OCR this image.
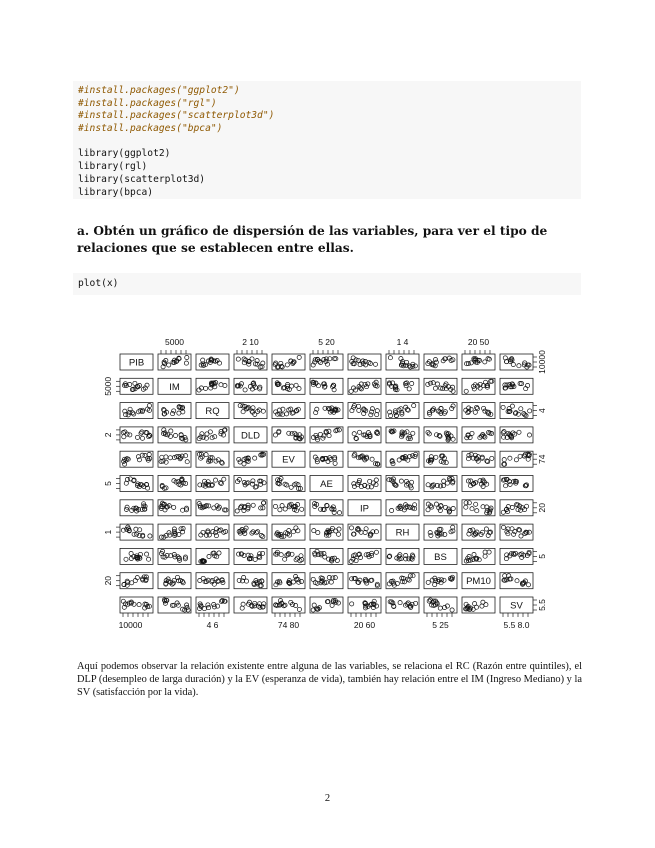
#install.packages("ggplot2")
#install.packages("rgl")
#install.packages("scatterplot3d")
#install.packages("bpca")

library(ggplot2)
library(rgl)
library(scatterplot3d)
library(bpca)
a. Obtén un gráfico de dispersión de las variables, para ver el tipo de relaciones que se establecen entre ellas.
plot(x)
PIB
IM
RQ
DLD
EV
AE
IP
RH
BS
PM10
SV
5000	2 10	5 20	1 4	20 50
10000	4 6	74 80	20 60	5 25	5.5 8.0
5000
2
5
1
20
10000
4
74
20
5
5.5

Aquí podemos observar la relación existente entre alguna de las variables, se relaciona el RC (Razón entre quintiles), el DLP (desempleo de larga duración) y la EV (esperanza de vida), también hay relación entre el IM (Ingreso Mediano) y la SV (satisfacción por la vida).

2
